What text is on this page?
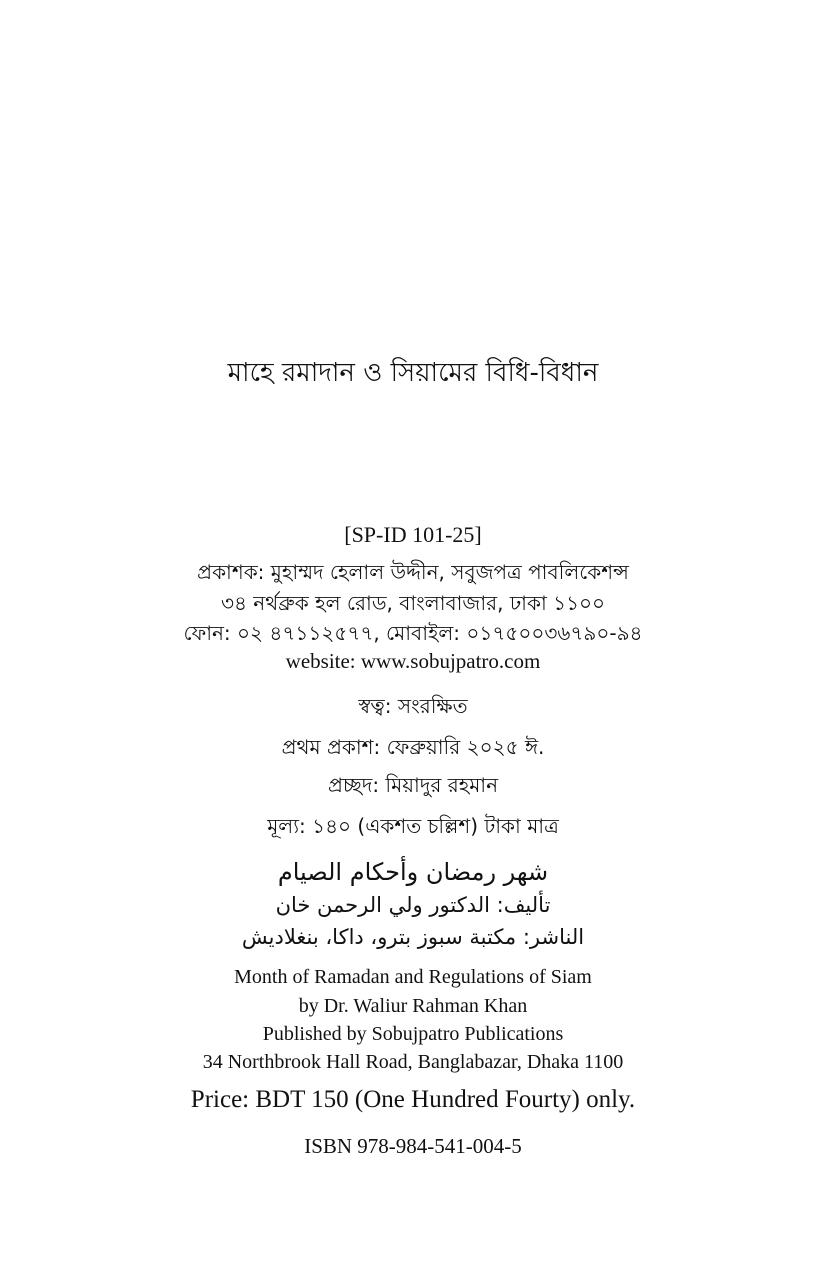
মাহে রমাদান ও সিয়ামের বিধি-বিধান
[SP-ID 101-25]
প্রকাশক: মুহাম্মদ হেলাল উদ্দীন, সবুজপত্র পাবলিকেশন্স
৩৪ নর্থব্রুক হল রোড, বাংলাবাজার, ঢাকা ১১০০
ফোন: ০২ ৪৭১১২৫৭৭, মোবাইল: ০১৭৫০০৩৬৭৯০-৯৪
website: www.sobujpatro.com
স্বত্ব: সংরক্ষিত
প্রথম প্রকাশ: ফেব্রুয়ারি ২০২৫ ঈ.
প্রচ্ছদ: মিয়াদুর রহমান
মূল্য: ১৪০ (একশত চল্লিশ) টাকা মাত্র
شهر رمضان وأحكام الصيام
تأليف: الدكتور ولي الرحمن خان
الناشر: مكتبة سبوز بترو، داكا، بنغلاديش
Month of Ramadan and Regulations of Siam
by Dr. Waliur Rahman Khan
Published by Sobujpatro Publications
34 Northbrook Hall Road, Banglabazar, Dhaka 1100
Price: BDT 150 (One Hundred Fourty) only.
ISBN 978-984-541-004-5
